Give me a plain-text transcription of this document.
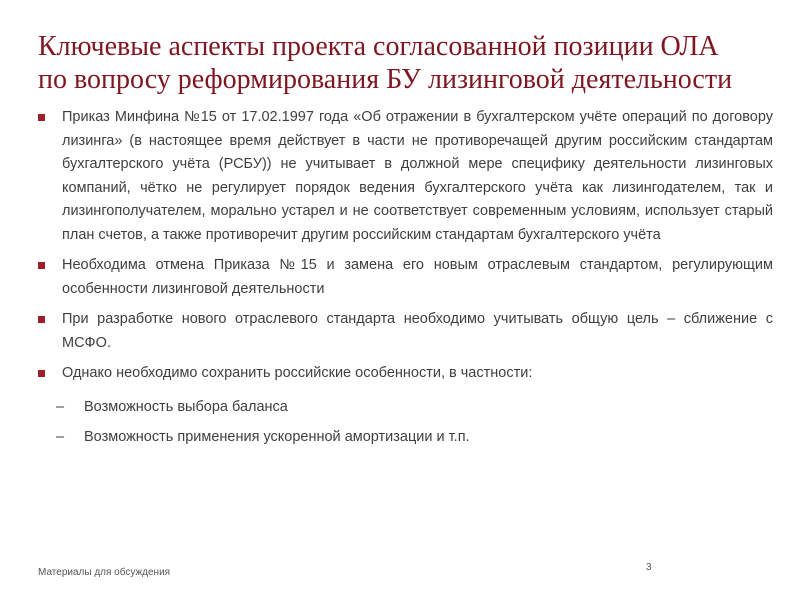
Ключевые аспекты проекта согласованной позиции ОЛА
по вопросу реформирования БУ лизинговой деятельности
Приказ Минфина №15 от 17.02.1997 года «Об отражении в бухгалтерском учёте операций по договору лизинга» (в настоящее время действует в части не противоречащей другим российским стандартам бухгалтерского учёта (РСБУ)) не учитывает в должной мере специфику деятельности лизинговых компаний, чётко не регулирует порядок ведения бухгалтерского учёта как лизингодателем, так и лизингополучателем, морально устарел и не соответствует современным условиям, использует старый план счетов, а также противоречит другим российским стандартам бухгалтерского учёта
Необходима отмена Приказа №15 и замена его новым отраслевым стандартом, регулирующим особенности лизинговой деятельности
При разработке нового отраслевого стандарта необходимо учитывать общую цель – сближение с МСФО.
Однако необходимо сохранить российские особенности, в частности:
– Возможность выбора баланса
– Возможность применения ускоренной амортизации и т.п.
Материалы для обсуждения	3
